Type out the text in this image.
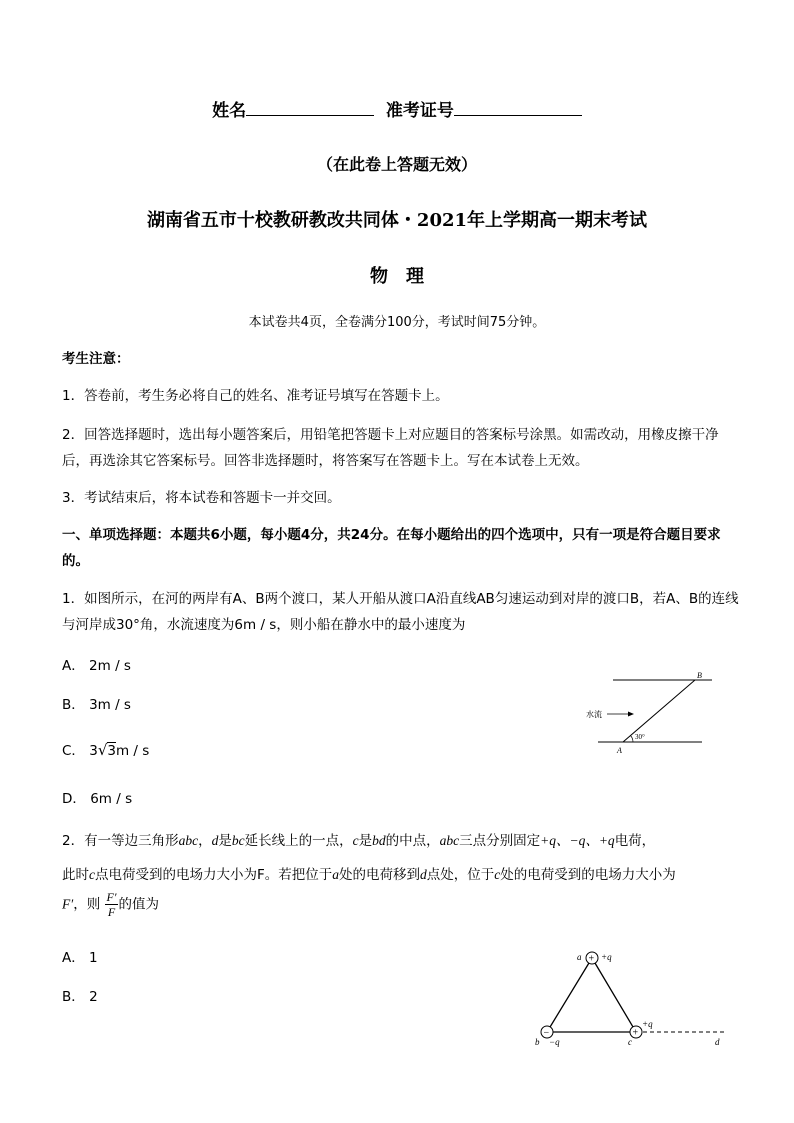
姓名	准考证号
（在此卷上答题无效）
湖南省五市十校教研教改共同体・2021年上学期高一期末考试
物　理
本试卷共4页，全卷满分100分，考试时间75分钟。
考生注意：
1．答卷前，考生务必将自己的姓名、准考证号填写在答题卡上。
2．回答选择题时，选出每小题答案后，用铅笔把答题卡上对应题目的答案标号涂黑。如需改动，用橡皮擦干净后，再选涂其它答案标号。回答非选择题时，将答案写在答题卡上。写在本试卷上无效。
3．考试结束后，将本试卷和答题卡一并交回。
一、单项选择题：本题共6小题，每小题4分，共24分。在每小题给出的四个选项中，只有一项是符合题目要求的。
1．如图所示，在河的两岸有A、B两个渡口，某人开船从渡口A沿直线AB匀速运动到对岸的渡口B，若A、B的连线与河岸成30°角，水流速度为6m / s，则小船在静水中的最小速度为
A． 2m / s
B． 3m / s
C． 3√3m / s
D． 6m / s
B
A
水流
30°
2．有一等边三角形abc，d是bc延长线上的一点，c是bd的中点，abc三点分别固定+q、−q、+q电荷，
此时c点电荷受到的电场力大小为F。若把位于a处的电荷移到d点处，位于c处的电荷受到的电场力大小为
F′，则 $\frac{F'}{F}$ 的值为
A． 1
B． 2
+
−	+
a +q
b −q	c
+q
d
